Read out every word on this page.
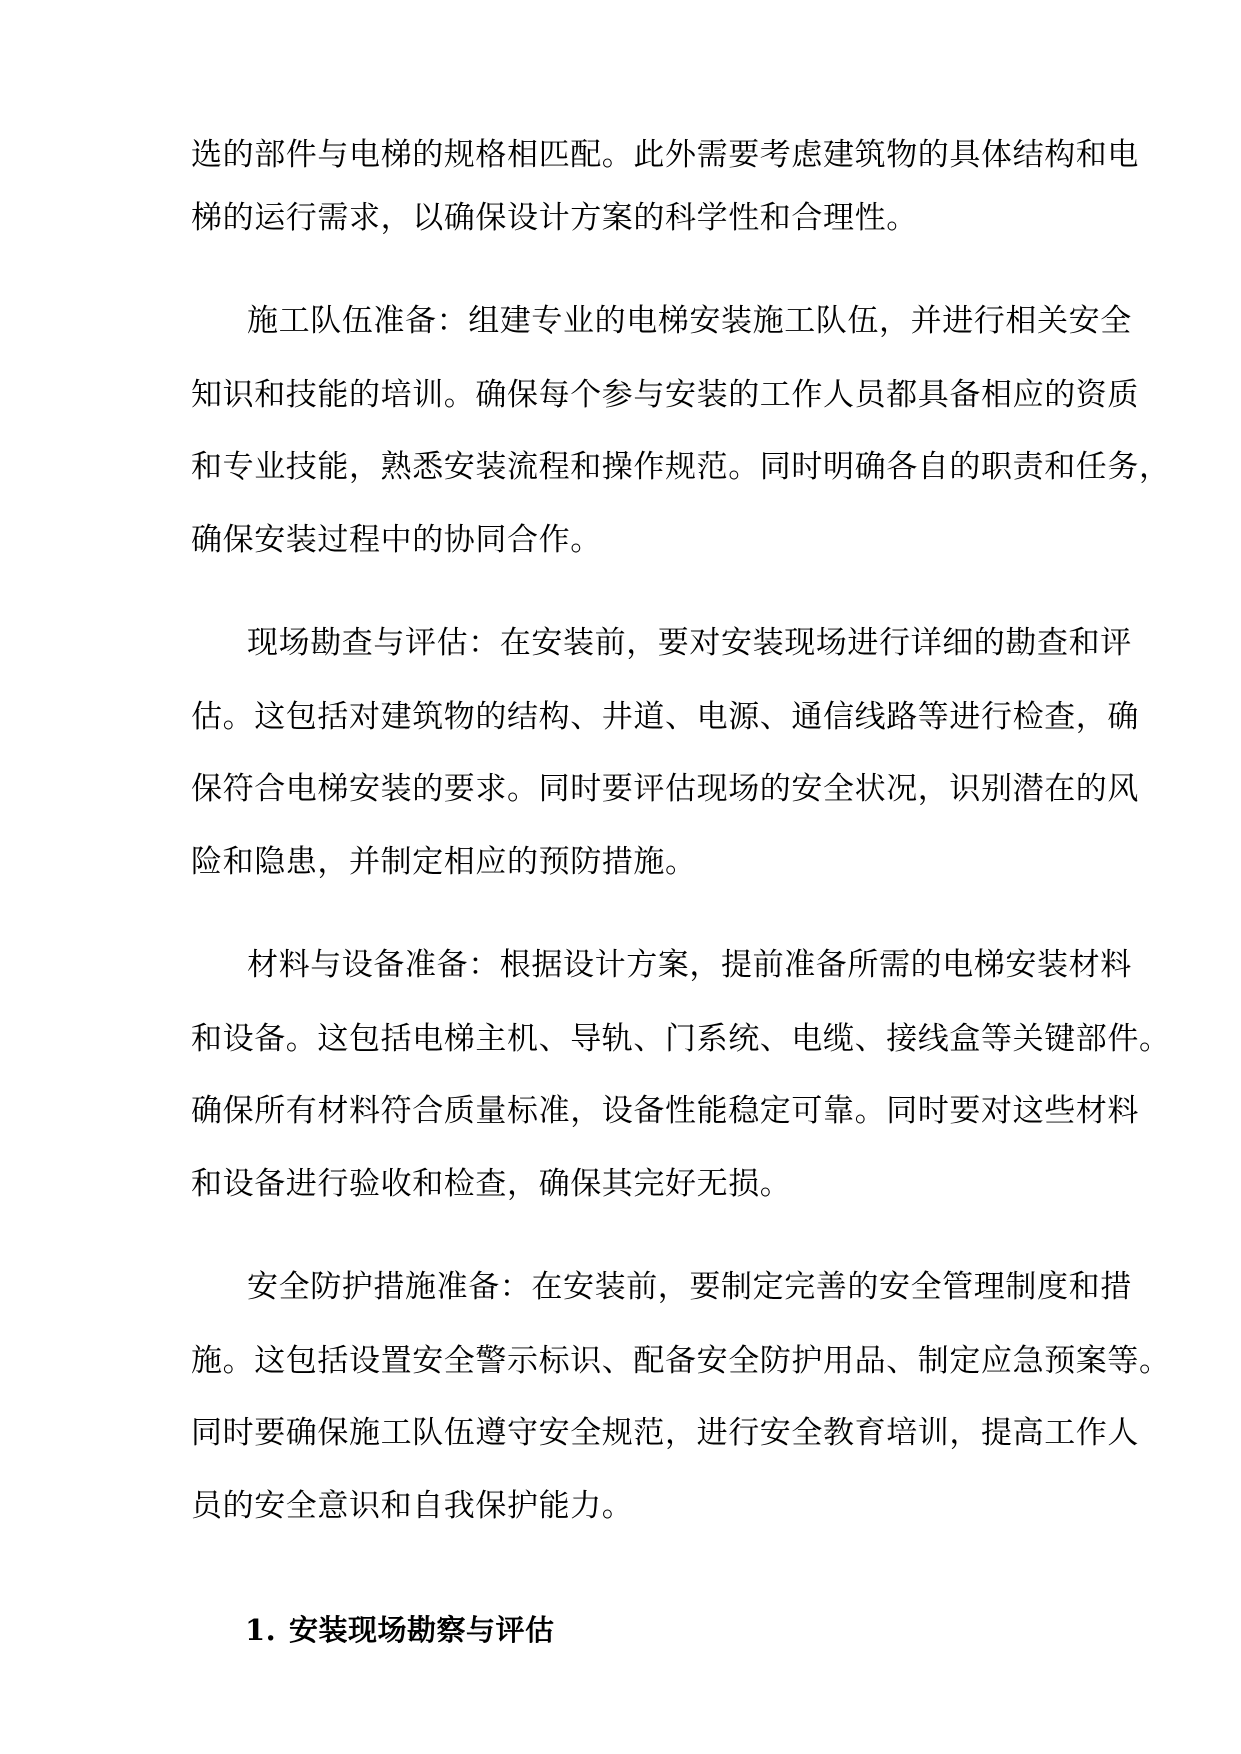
选的部件与电梯的规格相匹配。此外需要考虑建筑物的具体结构和电
梯的运行需求，以确保设计方案的科学性和合理性。
施工队伍准备：组建专业的电梯安装施工队伍，并进行相关安全
知识和技能的培训。确保每个参与安装的工作人员都具备相应的资质
和专业技能，熟悉安装流程和操作规范。同时明确各自的职责和任务，
确保安装过程中的协同合作。
现场勘查与评估：在安装前，要对安装现场进行详细的勘查和评
估。这包括对建筑物的结构、井道、电源、通信线路等进行检查，确
保符合电梯安装的要求。同时要评估现场的安全状况，识别潜在的风
险和隐患，并制定相应的预防措施。
材料与设备准备：根据设计方案，提前准备所需的电梯安装材料
和设备。这包括电梯主机、导轨、门系统、电缆、接线盒等关键部件。
确保所有材料符合质量标准，设备性能稳定可靠。同时要对这些材料
和设备进行验收和检查，确保其完好无损。
安全防护措施准备：在安装前，要制定完善的安全管理制度和措
施。这包括设置安全警示标识、配备安全防护用品、制定应急预案等。
同时要确保施工队伍遵守安全规范，进行安全教育培训，提高工作人
员的安全意识和自我保护能力。
1. 安装现场勘察与评估
